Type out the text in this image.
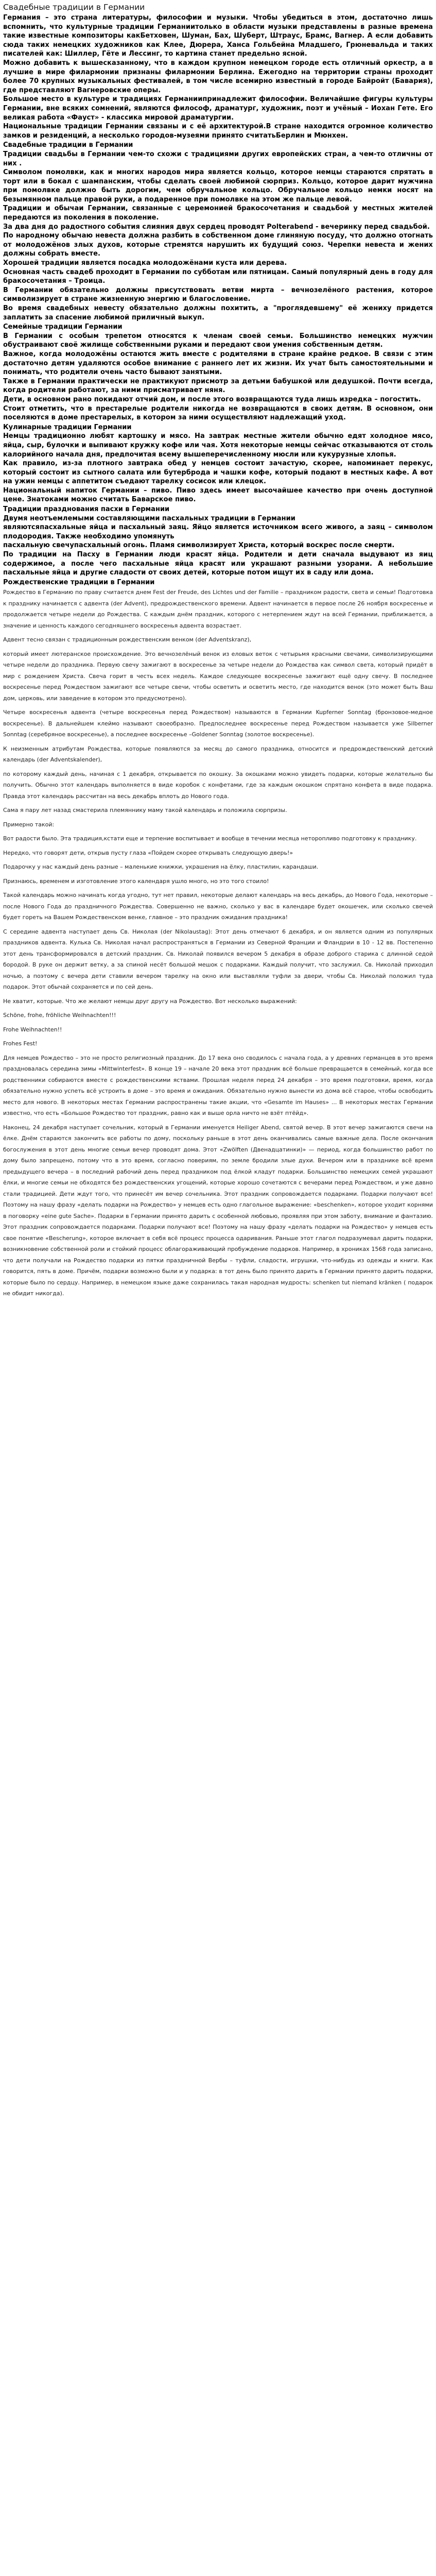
Свадебные традиции в Германии

Германия – это страна литературы, философии и музыки. Чтобы убедиться в этом, достаточно лишь вспомнить, что культурные традиции Германиитолько в области музыки представлены в разные времена такие известные композиторы какБетховен, Шуман, Бах, Шуберт, Штраус, Брамс, Вагнер. А если добавить сюда таких немецких художников как Клее, Дюрера, Ханса Гольбейна Младшего, Грюневальда и таких писателей как: Шиллер, Гёте и Лессинг, то картина станет предельно ясной.

Можно добавить к вышесказанному, что в каждом крупном немецком городе есть отличный оркестр, а в лучшие в мире филармонии признаны филармонии Берлина. Ежегодно на территории страны проходит более 70 крупных музыкальных фестивалей, в том числе всемирно известный в городе Байройт (Бавария), где представляют Вагнеровские оперы.

Большое место в культуре и традициях Германиипринадлежит философии. Величайшие фигуры культуры Германии, вне всяких сомнений, являются философ, драматург, художник, поэт и учёный – Иохан Гете. Его великая работа «Фауст» - классика мировой драматургии.

Национальные традиции Германии связаны и с её архитектурой.В стране находится огромное количество замков и резиденций, а несколько городов-музеями принято считатьБерлин и Мюнхен.

Свадебные традиции в Германии

Традиции свадьбы в Германии чем-то схожи с традициями других европейских стран, а чем-то отличны от них .

Символом помолвки, как и многих народов мира является кольцо, которое немцы стараются спрятать в торт или в бокал с шампанским, чтобы сделать своей любимой сюрприз. Кольцо, которое дарит мужчина при помолвке должно быть дорогим, чем обручальное кольцо. Обручальное кольцо немки носят на безымянном пальце правой руки, а подаренное при помолвке на этом же пальце левой.

Традиции и обычаи Германии, связанные с церемонией бракосочетания и свадьбой у местных жителей передаются из поколения в поколение.

За два дня до радостного события слияния двух сердец проводят Polterabend - вечеринку перед свадьбой.

По народному обычаю невеста должна разбить в собственном доме глиняную посуду, что должно отогнать от молодожёнов злых духов, которые стремятся нарушить их будущий союз. Черепки невеста и жених должны собрать вместе.

Хорошей традиции является посадка молодожёнами куста или дерева.

Основная часть свадеб проходит в Германии по субботам или пятницам. Самый популярный день в году для бракосочетания – Троица.

В Германии обязательно должны присутствовать ветви мирта – вечнозелёного растения, которое символизирует в стране жизненную энергию и благословение.

Во время свадебных невесту обязательно должны похитить, а "проглядевшему" её жениху придется заплатить за спасение любимой приличный выкуп.

Семейные традиции Германии

В Германии с особым трепетом относятся к членам своей семьи. Большинство немецких мужчин обустраивают своё жилище собственными руками и передают свои умения собственным детям.

Важное, когда молодожёны остаются жить вместе с родителями в стране крайне редкое. В связи с этим достаточно детям удаляются особое внимание с раннего лет их жизни. Их учат быть самостоятельными и понимать, что родители очень часто бывают занятыми.

Также в Германии практически не практикуют присмотр за детьми бабушкой или дедушкой. Почти всегда, когда родители работают, за ними присматривает няня.

Дети, в основном рано покидают отчий дом, и после этого возвращаются туда лишь изредка – погостить.

Стоит отметить, что в престарелые родители никогда не возвращаются в своих детям. В основном, они поселяются в доме престарелых, в котором за ними осуществляют надлежащий уход.

Кулинарные традиции Германии

Немцы традиционно любят картошку и мясо. На завтрак местные жители обычно едят холодное мясо, яйца, сыр, булочки и выпивают кружку кофе или чая. Хотя некоторые немцы сейчас отказываются от столь калорийного начала дня, предпочитая всему вышеперечисленному мюсли или кукурузные хлопья.

Как правило, из-за плотного завтрака обед у немцев состоит зачастую, скорее, напоминает перекус, который состоит из сытного салата или бутерброда и чашки кофе, который подают в местных кафе. А вот на ужин немцы с аппетитом съедают тарелку сосисок или клецок.

Национальный напиток Германии – пиво. Пиво здесь имеет высочайшее качество при очень доступной цене. Знатоками можно считать Баварское пиво.

Традиции празднования пасхи в Германии

Двумя неотъемлемыми составляющими пасхальных традиции в Германии

являютсяпасхальные яйца и пасхальный заяц. Яйцо является источником всего живого, а заяц – символом плодородия. Также необходимо упомянуть

пасхальную свечупасхальный огонь. Пламя символизирует Христа, который воскрес после смерти.

По традиции на Пасху в Германии люди красят яйца. Родители и дети сначала выдувают из яиц содержимое, а после чего пасхальные яйца красят или украшают разными узорами. А небольшие пасхальные яйца и другие сладости от своих детей, которые потом ищут их в саду или дома.

Рождественские традиции в Германии

Рождество в Германию по праву считается днем Fest der Freude, des Lichtes und der Familie – праздником радости, света и семьи! Подготовка к празднику начинается с адвента (der Advent), предрождественского времени. Адвент начинается в первое после 26 ноября воскресенье и продолжается четыре недели до Рождества. С каждым днём праздник, которого с нетерпением ждут на всей Германии, приближается, а значение и ценность каждого сегодняшнего воскресенья адвента возрастает.

Адвент тесно связан с традиционным рождественским венком (der Adventskranz),

который имеет лютеранское происхождение. Это вечнозелёный венок из еловых веток с четырьмя красными свечами, символизирующими четыре недели до праздника. Первую свечу зажигают в воскресенье за четыре недели до Рождества как символ света, который придёт в мир с рождением Христа. Свеча горит в честь всех недель. Каждое следующее воскресенье зажигают ещё одну свечу. В последнее воскресенье перед Рождеством зажигают все четыре свечи, чтобы осветить и осветить место, где находится венок (это может быть Ваш дом, церковь, или заведение в котором это предусмотрено).

Четыре воскресенья адвента (четыре воскресенья перед Рождеством) называются в Германии Kupferner Sonntag (бронзовое-медное воскресенье). В дальнейшем клеймо называют своеобразно. Предпоследнее воскресенье перед Рождеством называется уже Silberner Sonntag (серебряное воскресенье), а последнее воскресенье –Goldener Sonntag (золотое воскресенье).

К неизменным атрибутам Рождества, которые появляются за месяц до самого праздника, относится и предрождественский детский календарь (der Adventskalender),

по которому каждый день, начиная с 1 декабря, открывается по окошку. За окошками можно увидеть подарки, которые желательно бы получить. Обычно этот календарь выполняется в виде коробок с конфетами, где за каждым окошком спрятано конфета в виде подарка. Правда этот календарь рассчитан на весь декабрь вплоть до Нового года.

Сама я пару лет назад смастерила племяннику маму такой календарь и положила сюрпризы.

Примерно такой:

Вот радости было. Эта традиция,кстати еще и терпение воспитывает и вообще в течении месяца неторопливо подготовку к празднику.

Нередко, что говорят дети, открыв пусту глаза «Пойдем скорее открывать следующую дверь!»

Подарочку у нас каждый день разные – маленькие книжки, украшения на ёлку, пластилин, карандаши.

Признаюсь, временем и изготовление этого календаря ушло много, но это того стоило!

Такой календарь можно начинать когда угодно, тут нет правил, некоторые делают календарь на весь декабрь, до Нового Года, некоторые – после Нового Года до праздничного Рождества. Совершенно не важно, сколько у вас в календаре будет окошечек, или сколько свечей будет гореть на Вашем Рождественском венке, главное – это праздник ожидания праздника!

С середине адвента наступает день Св. Николая (der Nikolaustag): Этот день отмечают 6 декабря, и он является одним из популярных праздников адвента. Кулька Св. Николая начал распространяться в Германии из Северной Франции и Фландрии в 10 - 12 вв. Постепенно этот день трансформировался в детский праздник. Св. Николай появился вечером 5 декабря в образе доброго старика с длинной седой бородой. В руке он держит ветку, а за спиной несёт большой мешок с подарками. Каждый получит, что заслужил. Св. Николай приходил ночью, а поэтому с вечера дети ставили вечером тарелку на окно или выставляли туфли за двери, чтобы Св. Николай положил туда подарок. Этот обычай сохраняется и по сей день.

Не хватит, которые. Что же желают немцы друг другу на Рождество. Вот несколько выражений:

Schöne, frohe, fröhliche Weihnachten!!!

Frohe Weihnachten!!

Frohes Fest!

Для немцев Рождество – это не просто религиозный праздник. До 17 века оно сводилось с начала года, а у древних германцев в это время праздновалась середина зимы «Mittwinterfest». В конце 19 – начале 20 века этот праздник всё больше превращается в семейный, когда все родственники собираются вместе с рождественскими яствами. Прошлая неделя перед 24 декабря – это время подготовки, время, когда обязательно нужно успеть всё устроить в доме – это время и ожидания. Обязательно нужно вынести из дома всё старое, чтобы освободить место для нового. В некоторых местах Германии распространены такие акции, что «Gesamte im Hauses» ... В некоторых местах Германии известно, что есть «Большое Рождество тот праздник, равно как и выше орла ничто не взёт птёйд».

Наконец, 24 декабря наступает сочельник, который в Германии именуется Heiliger Abend, святой вечер. В этот вечер зажигаются свечи на ёлке. Днём стараются закончить все работы по дому, поскольку раньше в этот день оканчивались самые важные дела. После окончания богослужения в этот день многие семьи вечер проводят дома. Этот «Zwölften (Двенадцатинки)» — период, когда большинство работ по дому было запрещено, потому что в это время, согласно повериям, по земле бродили злые духи. Вечером или в празднике всё время предыдущего вечера – в последний рабочий день перед праздником под ёлкой кладут подарки. Большинство немецких семей украшают ёлки, и многие семьи не обходятся без рождественских угощений, которые хорошо сочетаются с вечерами перед Рождеством, и уже давно стали традицией. Дети ждут того, что принесёт им вечер сочельника. Этот праздник сопровождается подарками. Подарки получают все! Поэтому на нашу фразу «делать подарки на Рождество» у немцев есть одно глагольное выражение: «beschenken», которое уходит корнями в поговорку «eine gute Sache». Подарки в Германии принято дарить с особенной любовью, проявляя при этом заботу, внимание и фантазию. Этот праздник сопровождается подарками. Подарки получают все! Поэтому на нашу фразу «делать подарки на Рождество» у немцев есть свое понятие «Bescherung», которое включает в себя всё процесс процесса одаривания. Раньше этот глагол подразумевал дарить подарки, возникновение собственной роли и стойкий процесс облагораживающий пробуждение подарков. Например, в хрониках 1568 года записано, что дети получали на Рождество подарки из пятки праздничной Вербы – туфли, сладости, игрушки, что-нибудь из одежды и книги. Как говорится, пять в доме. Причём, подарки возможно были и у подарка: в тот день было принято дарить в Германии принято дарить подарки, которые было по сердцу. Например, в немецком языке даже сохранилась такая народная мудрость: schenken tut niemand kränken ( подарок не обидит никогда).
